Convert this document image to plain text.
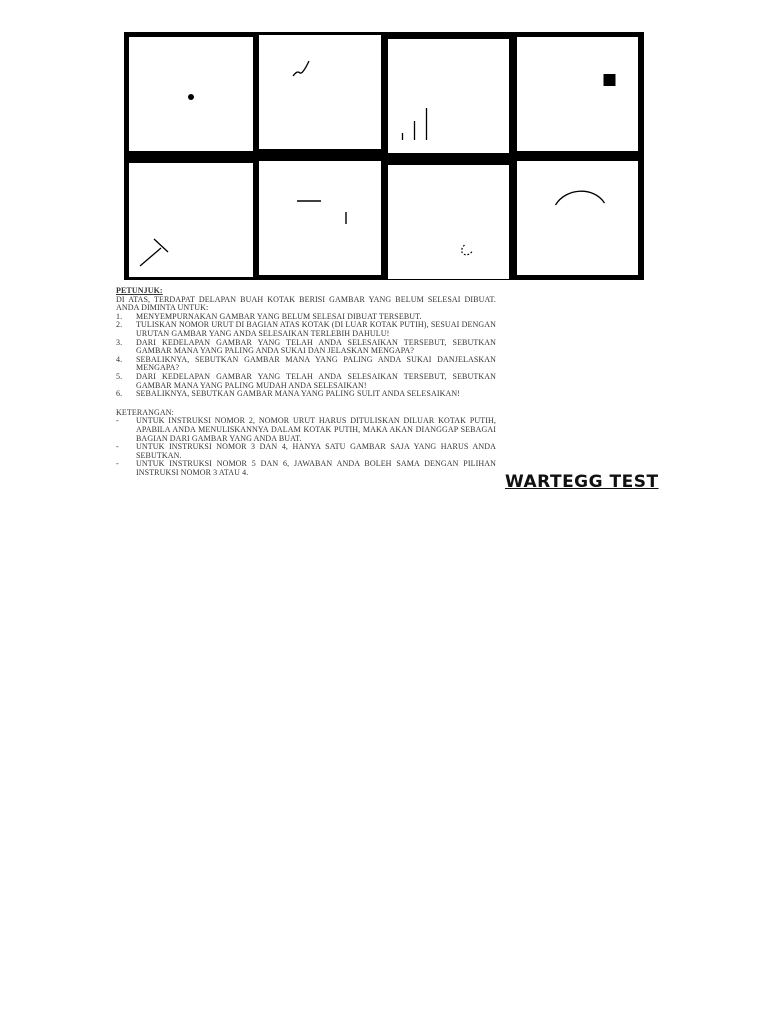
PETUNJUK:

DI ATAS, TERDAPAT DELAPAN BUAH KOTAK BERISI GAMBAR YANG BELUM SELESAI DIBUAT. ANDA DIMINTA UNTUK:

1. MENYEMPURNAKAN GAMBAR YANG BELUM SELESAI DIBUAT TERSEBUT.
2. TULISKAN NOMOR URUT DI BAGIAN ATAS KOTAK (DI LUAR KOTAK PUTIH), SESUAI DENGAN URUTAN GAMBAR YANG ANDA SELESAIKAN TERLEBIH DAHULU!
3. DARI KEDELAPAN GAMBAR YANG TELAH ANDA SELESAIKAN TERSEBUT, SEBUTKAN GAMBAR MANA YANG PALING ANDA SUKAI DAN JELASKAN MENGAPA?
4. SEBALIKNYA, SEBUTKAN GAMBAR MANA YANG PALING ANDA SUKAI DANJELASKAN MENGAPA?
5. DARI KEDELAPAN GAMBAR YANG TELAH ANDA SELESAIKAN TERSEBUT, SEBUTKAN GAMBAR MANA YANG PALING MUDAH ANDA SELESAIKAN!
6. SEBALIKNYA, SEBUTKAN GAMBAR MANA YANG PALING SULIT ANDA SELESAIKAN!

KETERANGAN:

- UNTUK INSTRUKSI NOMOR 2, NOMOR URUT HARUS DITULISKAN DILUAR KOTAK PUTIH, APABILA ANDA MENULISKANNYA DALAM KOTAK PUTIH, MAKA AKAN DIANGGAP SEBAGAI BAGIAN DARI GAMBAR YANG ANDA BUAT.
- UNTUK INSTRUKSI NOMOR 3 DAN 4, HANYA SATU GAMBAR SAJA YANG HARUS ANDA SEBUTKAN.
- UNTUK INSTRUKSI NOMOR 5 DAN 6, JAWABAN ANDA BOLEH SAMA DENGAN PILIHAN INSTRUKSI NOMOR 3 ATAU 4.	WARTEGG TEST
